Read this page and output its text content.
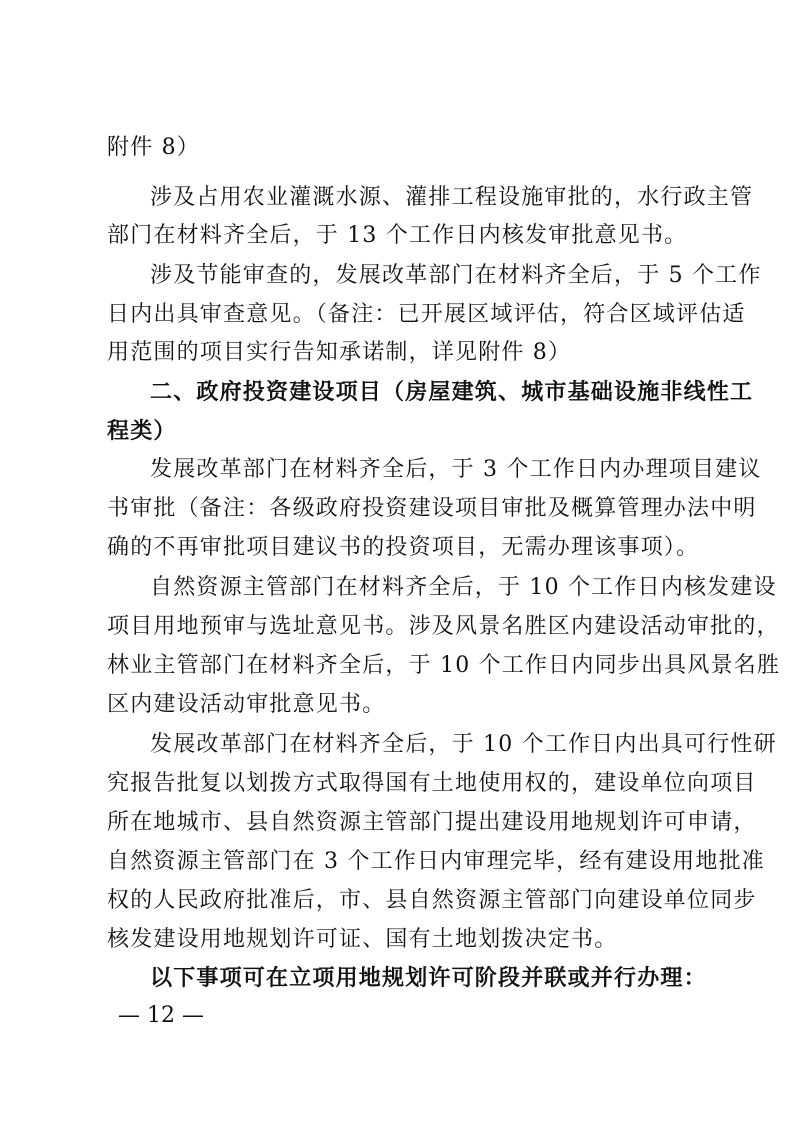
附件 8）
涉及占用农业灌溉水源、灌排工程设施审批的，水行政主管
部门在材料齐全后，于 13 个工作日内核发审批意见书。
涉及节能审查的，发展改革部门在材料齐全后，于 5 个工作
日内出具审查意见。（备注：已开展区域评估，符合区域评估适
用范围的项目实行告知承诺制，详见附件 8）
二、政府投资建设项目（房屋建筑、城市基础设施非线性工
程类）
发展改革部门在材料齐全后，于 3 个工作日内办理项目建议
书审批（备注：各级政府投资建设项目审批及概算管理办法中明
确的不再审批项目建议书的投资项目，无需办理该事项）。
自然资源主管部门在材料齐全后，于 10 个工作日内核发建设
项目用地预审与选址意见书。涉及风景名胜区内建设活动审批的，
林业主管部门在材料齐全后，于 10 个工作日内同步出具风景名胜
区内建设活动审批意见书。
发展改革部门在材料齐全后，于 10 个工作日内出具可行性研
究报告批复以划拨方式取得国有土地使用权的，建设单位向项目
所在地城市、县自然资源主管部门提出建设用地规划许可申请，
自然资源主管部门在 3 个工作日内审理完毕，经有建设用地批准
权的人民政府批准后，市、县自然资源主管部门向建设单位同步
核发建设用地规划许可证、国有土地划拨决定书。
以下事项可在立项用地规划许可阶段并联或并行办理：
— 12 —
